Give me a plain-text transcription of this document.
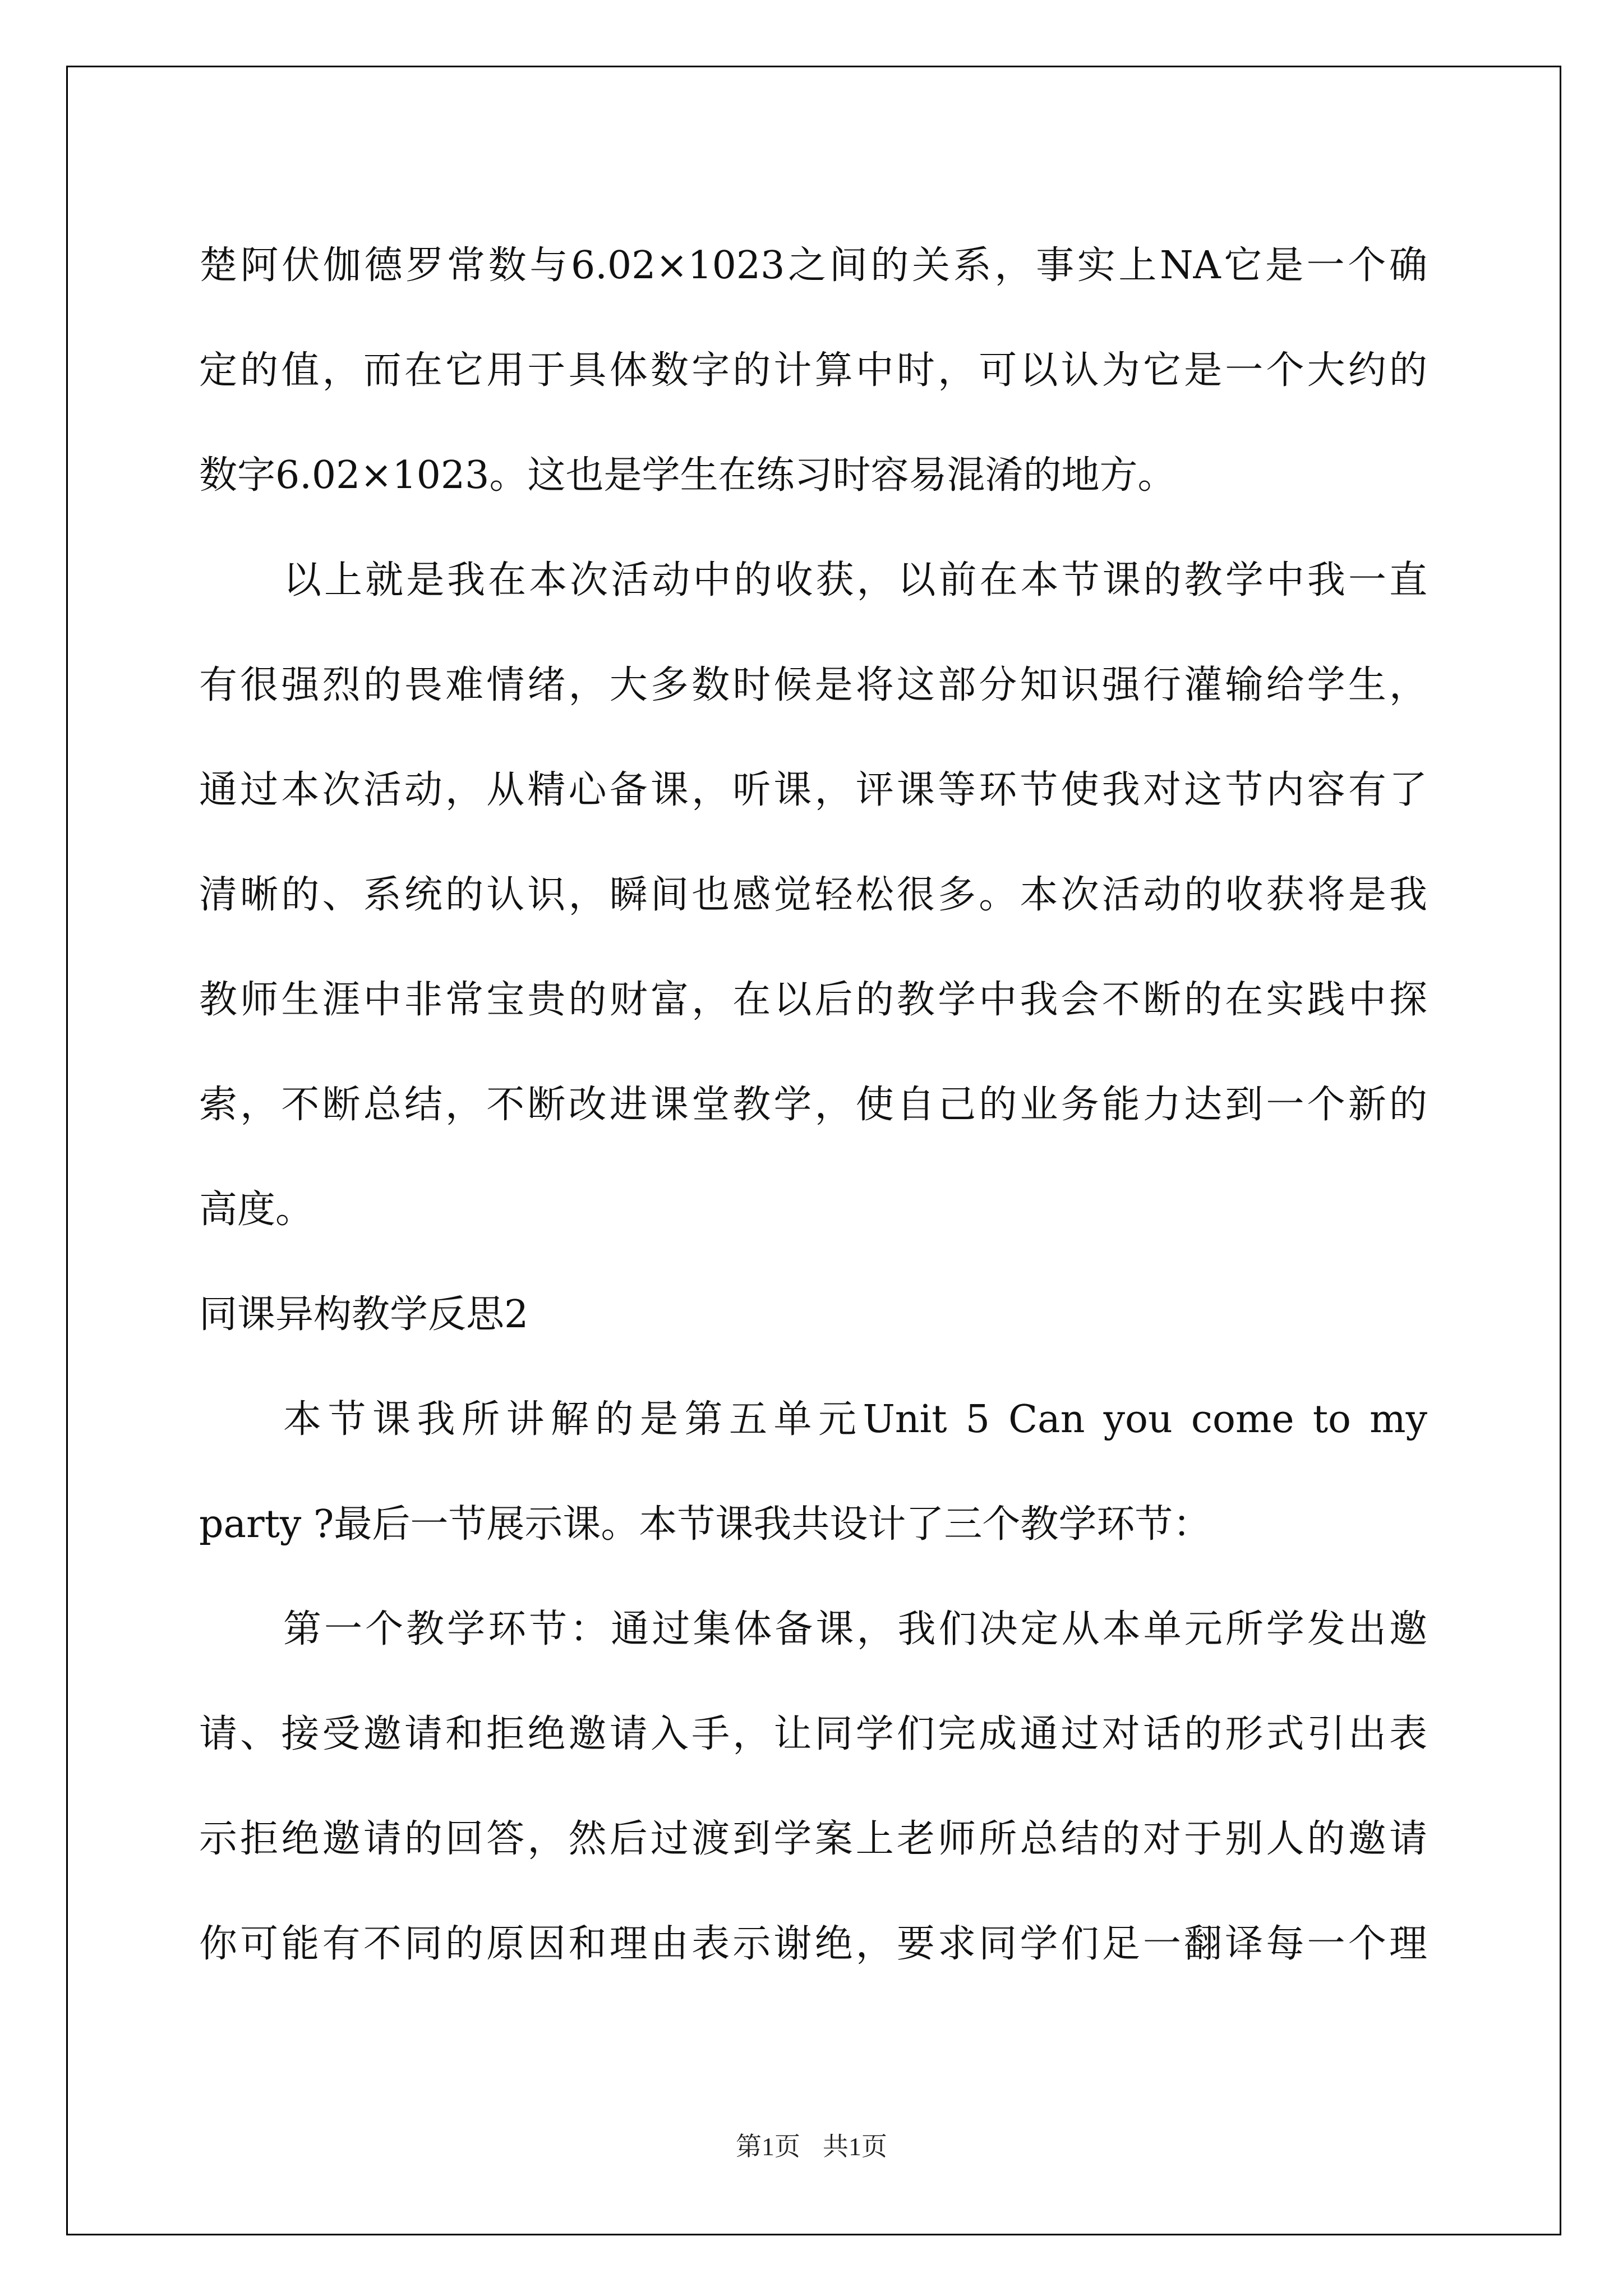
楚阿伏伽德罗常数与6.02×1023之间的关系，事实上NA它是一个确
定的值，而在它用于具体数字的计算中时，可以认为它是一个大约的
数字6.02×1023。这也是学生在练习时容易混淆的地方。
以上就是我在本次活动中的收获，以前在本节课的教学中我一直
有很强烈的畏难情绪，大多数时候是将这部分知识强行灌输给学生，
通过本次活动，从精心备课，听课，评课等环节使我对这节内容有了
清晰的、系统的认识，瞬间也感觉轻松很多。本次活动的收获将是我
教师生涯中非常宝贵的财富，在以后的教学中我会不断的在实践中探
索，不断总结，不断改进课堂教学，使自己的业务能力达到一个新的
高度。
同课异构教学反思2
本节课我所讲解的是第五单元Unit 5 Can you come to my
party ?最后一节展示课。本节课我共设计了三个教学环节：
第一个教学环节：通过集体备课，我们决定从本单元所学发出邀
请、接受邀请和拒绝邀请入手，让同学们完成通过对话的形式引出表
示拒绝邀请的回答，然后过渡到学案上老师所总结的对于别人的邀请
你可能有不同的原因和理由表示谢绝，要求同学们足一翻译每一个理
第1页 共1页
